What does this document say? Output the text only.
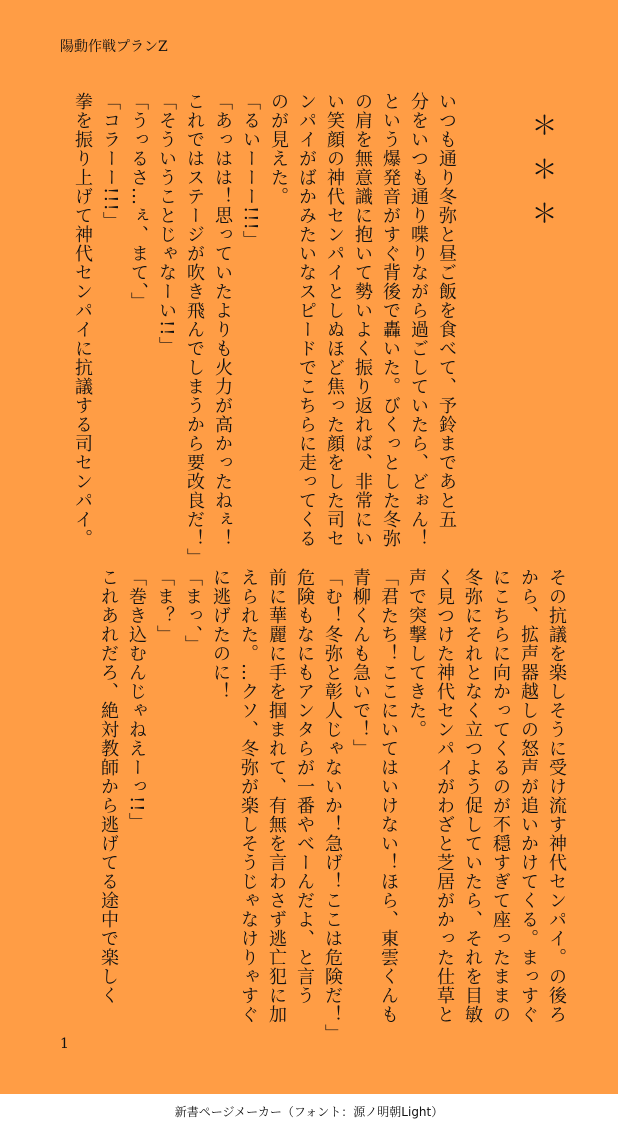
陽動作戦プランZ
＊＊＊
いつも通り冬弥と昼ご飯を食べて、予鈴まであと五
分をいつも通り喋りながら過ごしていたら、どぉん！
という爆発音がすぐ背後で轟いた。びくっとした冬弥
の肩を無意識に抱いて勢いよく振り返れば、非常にい
い笑顔の神代センパイとしぬほど焦った顔をした司セ
ンパイがばかみたいなスピードでこちらに走ってくる
のが見えた。
「るいーーー!!!」
「あっはは！思っていたよりも火力が高かったねぇ！
これではステージが吹き飛んでしまうから要改良だ！」
「そういうことじゃなーい!!」
「うっるさ…ぇ、まて、」
「コラーー!!!」
拳を振り上げて神代センパイに抗議する司センパイ。
その抗議を楽しそうに受け流す神代センパイ。の後ろ
から、拡声器越しの怒声が追いかけてくる。まっすぐ
にこちらに向かってくるのが不穏すぎて座ったままの
冬弥にそれとなく立つよう促していたら、それを目敏
く見つけた神代センパイがわざと芝居がかった仕草と
声で突撃してきた。
「君たち！ここにいてはいけない！ほら、東雲くんも
青柳くんも急いで！」
「む！冬弥と彰人じゃないか！急げ！ここは危険だ！」
危険もなにもアンタらが一番やべーんだよ、と言う
前に華麗に手を掴まれて、有無を言わさず逃亡犯に加
えられた。…クソ、冬弥が楽しそうじゃなけりゃすぐ
に逃げたのに！
「まっ、」
「ま？」
「巻き込むんじゃねえーっ!!」
これあれだろ、絶対教師から逃げてる途中で楽しく
1
新書ページメーカー（フォント：源ノ明朝Light）
